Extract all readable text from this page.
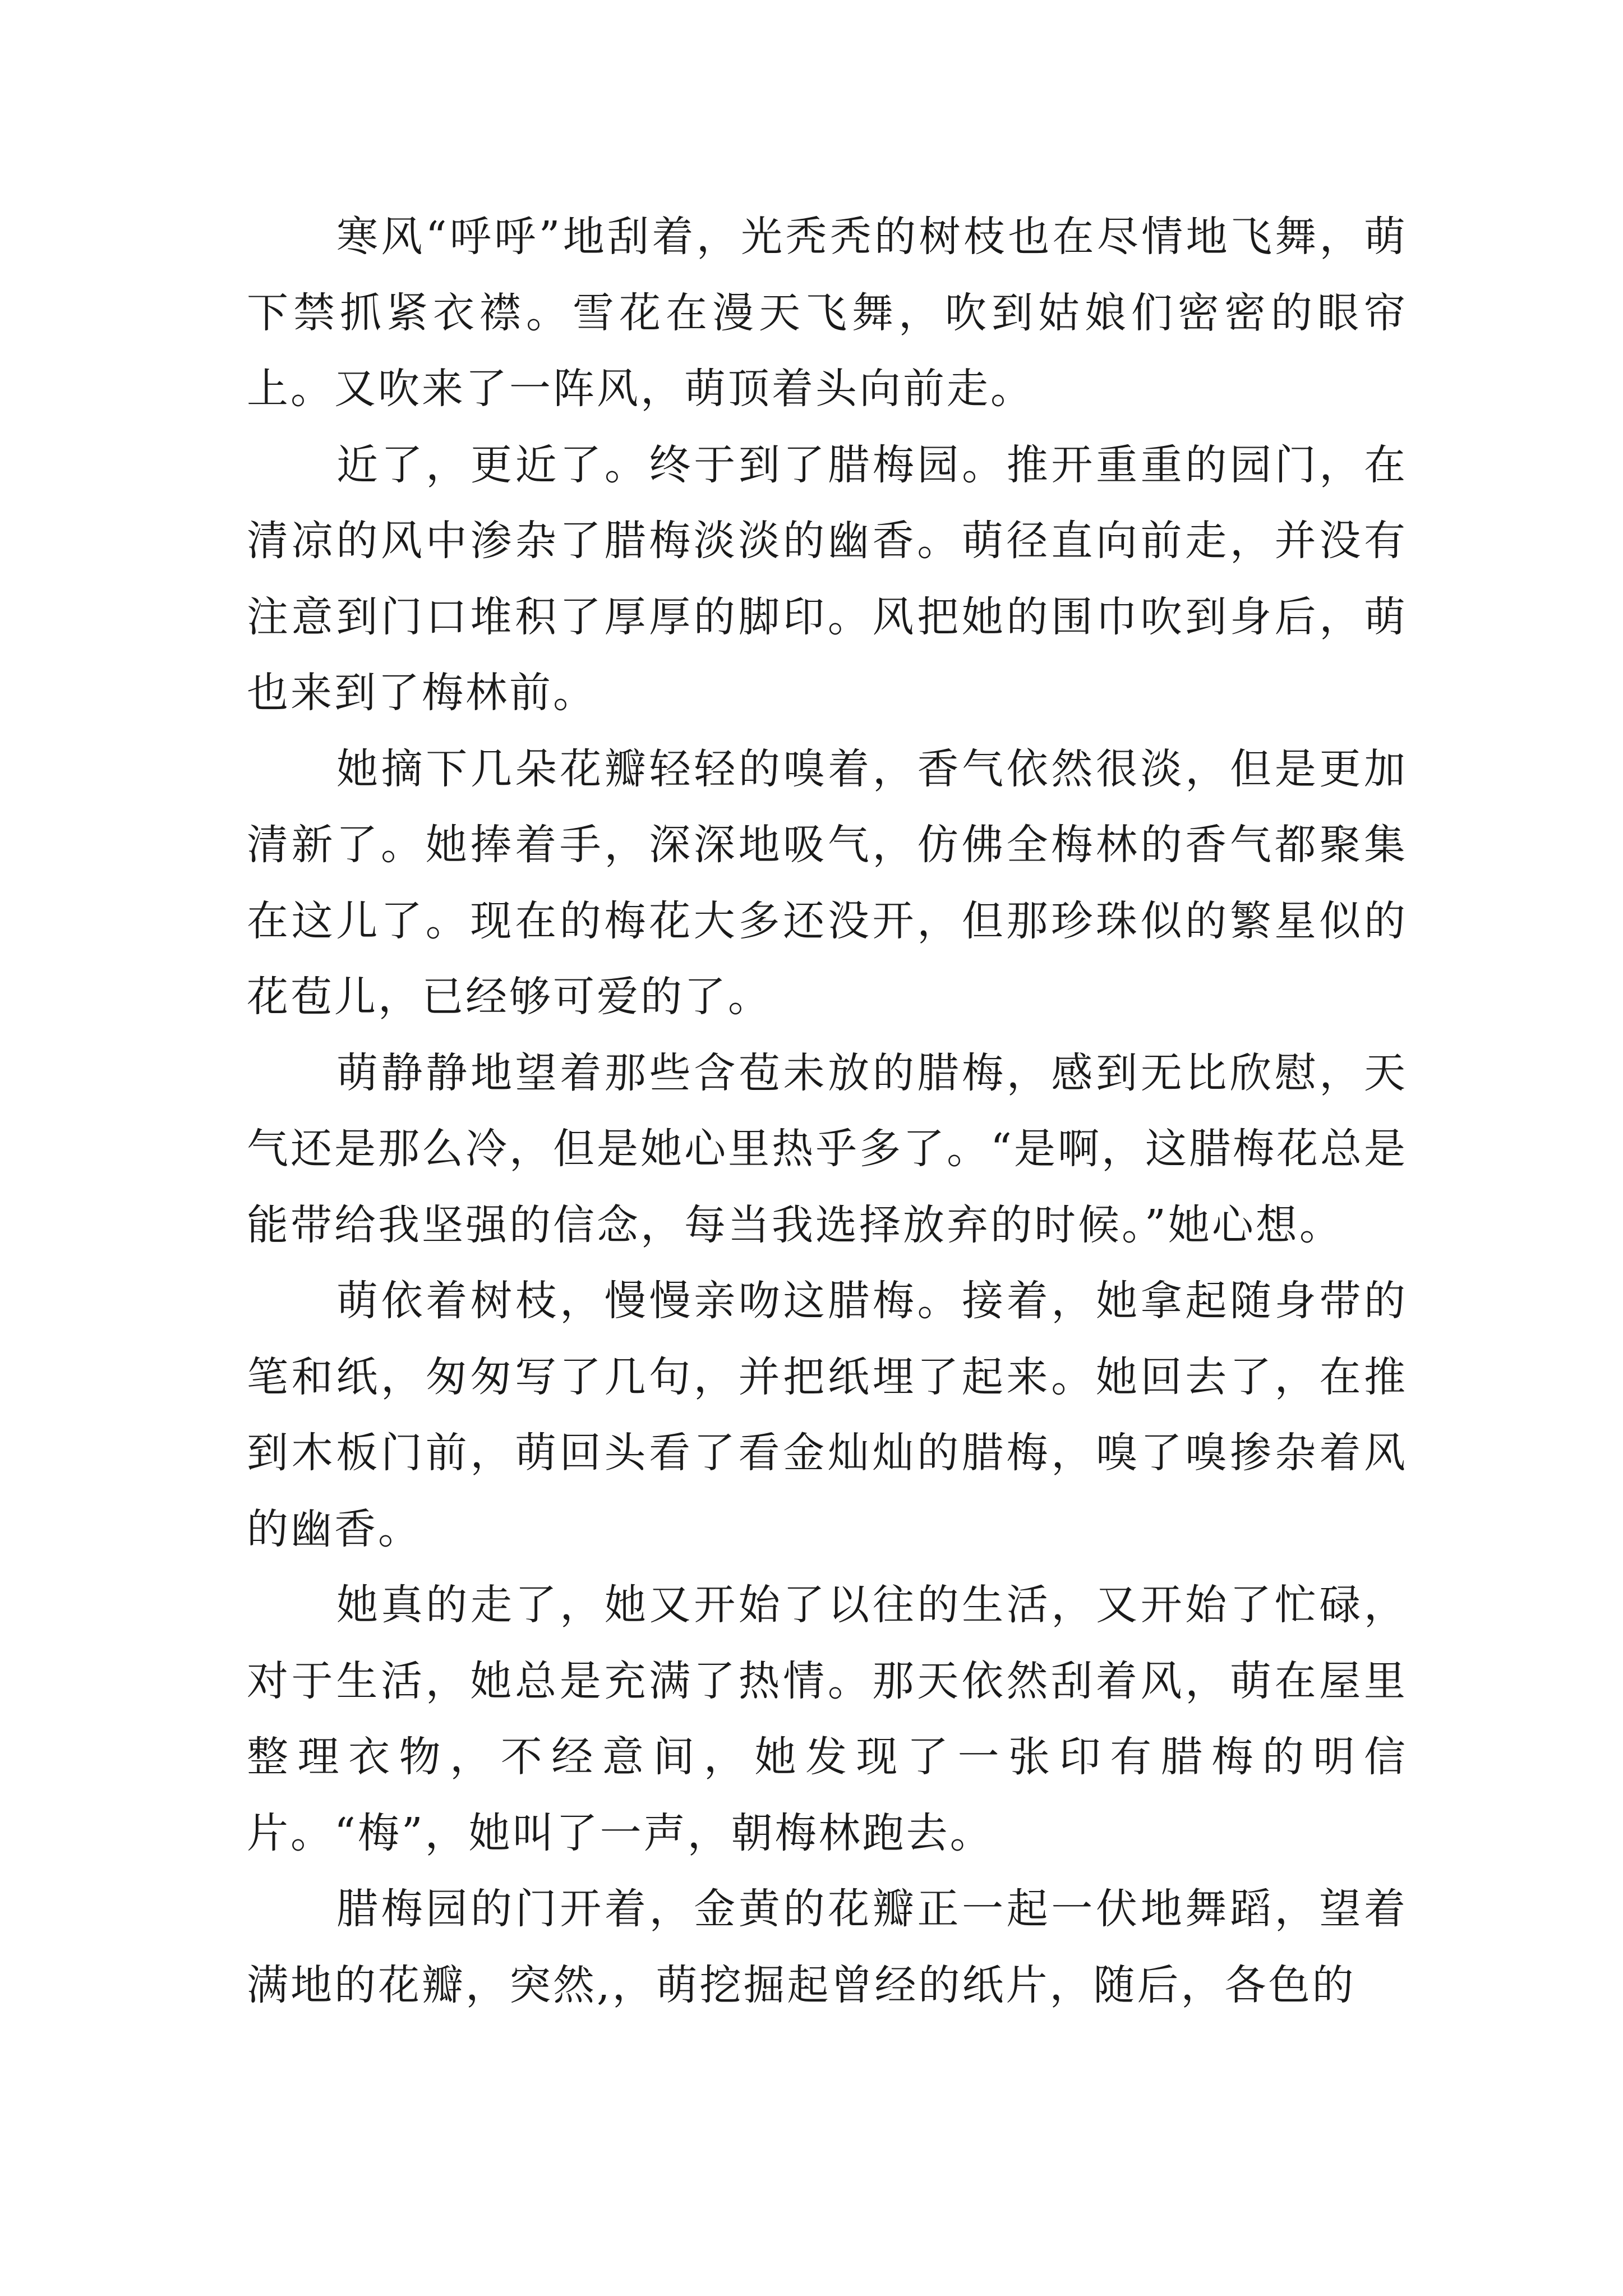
寒风“呼呼”地刮着，光秃秃的树枝也在尽情地飞舞，萌下禁抓紧衣襟。雪花在漫天飞舞，吹到姑娘们密密的眼帘上。又吹来了一阵风，萌顶着头向前走。

近了，更近了。终于到了腊梅园。推开重重的园门，在清凉的风中渗杂了腊梅淡淡的幽香。萌径直向前走，并没有注意到门口堆积了厚厚的脚印。风把她的围巾吹到身后，萌也来到了梅林前。

她摘下几朵花瓣轻轻的嗅着，香气依然很淡，但是更加清新了。她捧着手，深深地吸气，仿佛全梅林的香气都聚集在这儿了。现在的梅花大多还没开，但那珍珠似的繁星似的花苞儿，已经够可爱的了。

萌静静地望着那些含苞未放的腊梅，感到无比欣慰，天气还是那么冷，但是她心里热乎多了。“是啊，这腊梅花总是能带给我坚强的信念，每当我选择放弃的时候。”她心想。

萌依着树枝，慢慢亲吻这腊梅。接着，她拿起随身带的笔和纸，匆匆写了几句，并把纸埋了起来。她回去了，在推到木板门前，萌回头看了看金灿灿的腊梅，嗅了嗅掺杂着风的幽香。

她真的走了，她又开始了以往的生活，又开始了忙碌，对于生活，她总是充满了热情。那天依然刮着风，萌在屋里整理衣物，不经意间，她发现了一张印有腊梅的明信片。“梅”，她叫了一声，朝梅林跑去。

腊梅园的门开着，金黄的花瓣正一起一伏地舞蹈，望着满地的花瓣，突然,，萌挖掘起曾经的纸片，随后，各色的
